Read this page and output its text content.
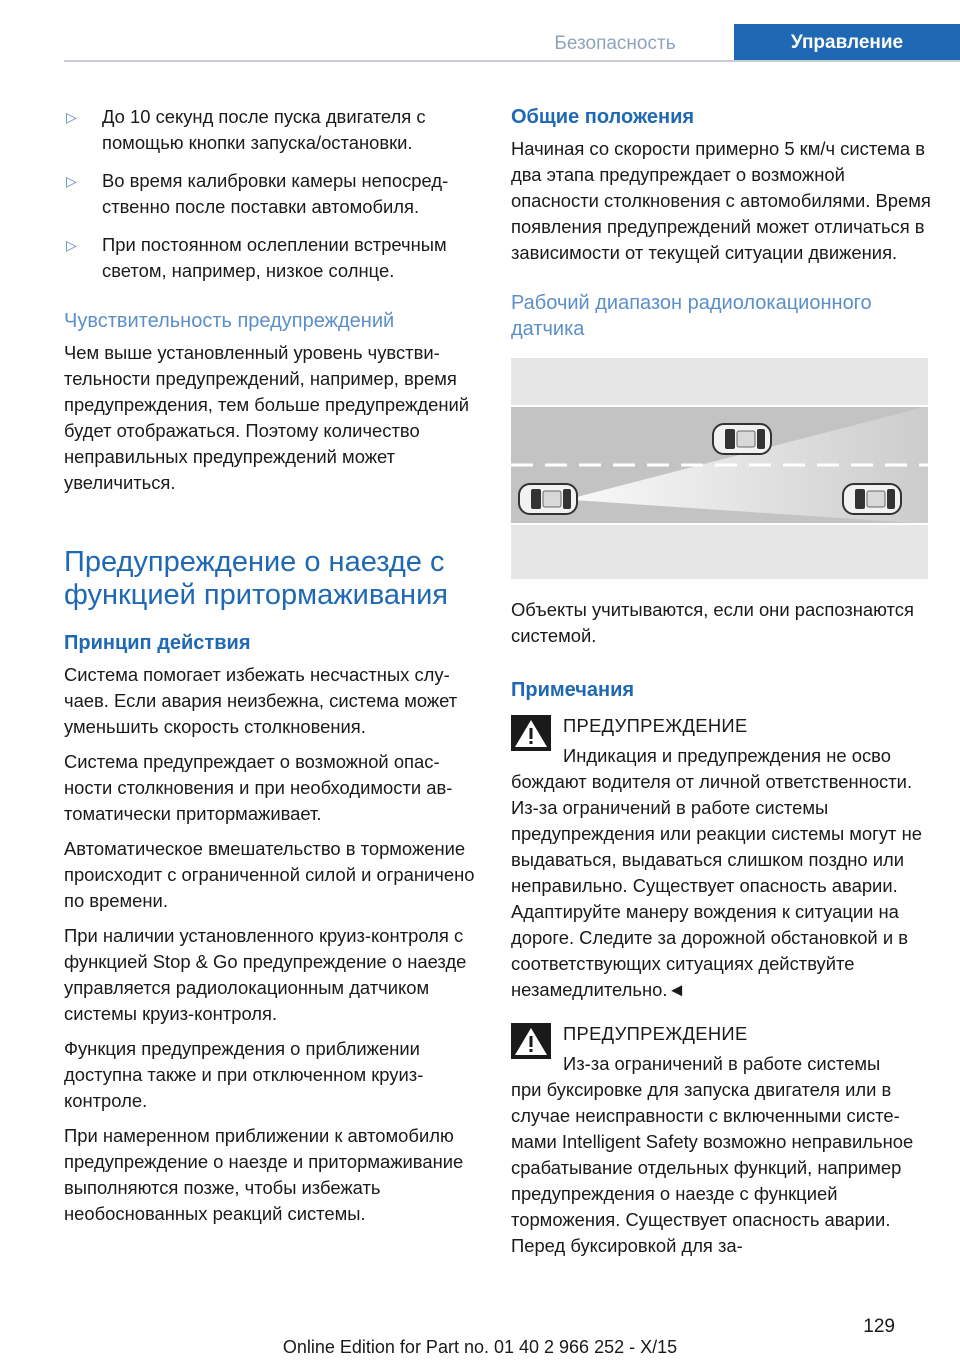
Безопасность	Управление
▷	До 10 секунд после пуска двигателя с помощью кнопки запуска/остановки.
▷	Во время калибровки камеры непосредственно после поставки автомобиля.
▷	При постоянном ослеплении встречным светом, например, низкое солнце.
Чувствительность предупреждений

Чем выше установленный уровень чувствительности предупреждений, например, время предупреждения, тем больше предупреждений будет отображаться. Поэтому количество неправильных предупреждений может увеличиться.

Предупреждение о наезде с функцией притормаживания
Принцип действия

Система помогает избежать несчастных случаев. Если авария неизбежна, система может уменьшить скорость столкновения.

Система предупреждает о возможной опасности столкновения и при необходимости автоматически притормаживает.

Автоматическое вмешательство в торможение происходит с ограниченной силой и ограничено по времени.

При наличии установленного круиз-контроля с функцией Stop & Go предупреждение о наезде управляется радиолокационным датчиком системы круиз-контроля.

Функция предупреждения о приближении доступна также и при отключенном круиз-контроле.

При намеренном приближении к автомобилю предупреждение о наезде и притормaживание выполняются позже, чтобы избежать необоснованных реакций системы.

Общие положения

Начиная со скорости примерно 5 км/ч система в два этапа предупреждает о возможной опасности столкновения с автомобилями. Время появления предупреждений может отличаться в зависимости от текущей ситуации движения.

Рабочий диапазон радиолокационного датчика

Объекты учитываются, если они распознаются системой.

Примечания
ПРЕДУПРЕЖДЕНИЕ
Индикация и предупреждения не осво
бождают водителя от личной ответственности. Из-за ограничений в работе системы предупреждения или реакции системы могут не выдаваться, выдаваться слишком поздно или неправильно. Существует опасность аварии. Адаптируйте манеру вождения к ситуации на дороге. Следите за дорожной обстановкой и в соответствующих ситуациях действуйте незамедлительно.◄
ПРЕДУПРЕЖДЕНИЕ
Из-за ограничений в работе системы
при буксировке для запуска двигателя или в случае неисправности с включенными системами Intelligent Safety возможно неправильное срабатывание отдельных функций, например предупреждения о наезде с функцией торможения. Существует опасность аварии. Перед буксировкой для за-
129
Online Edition for Part no. 01 40 2 966 252 - X/15
